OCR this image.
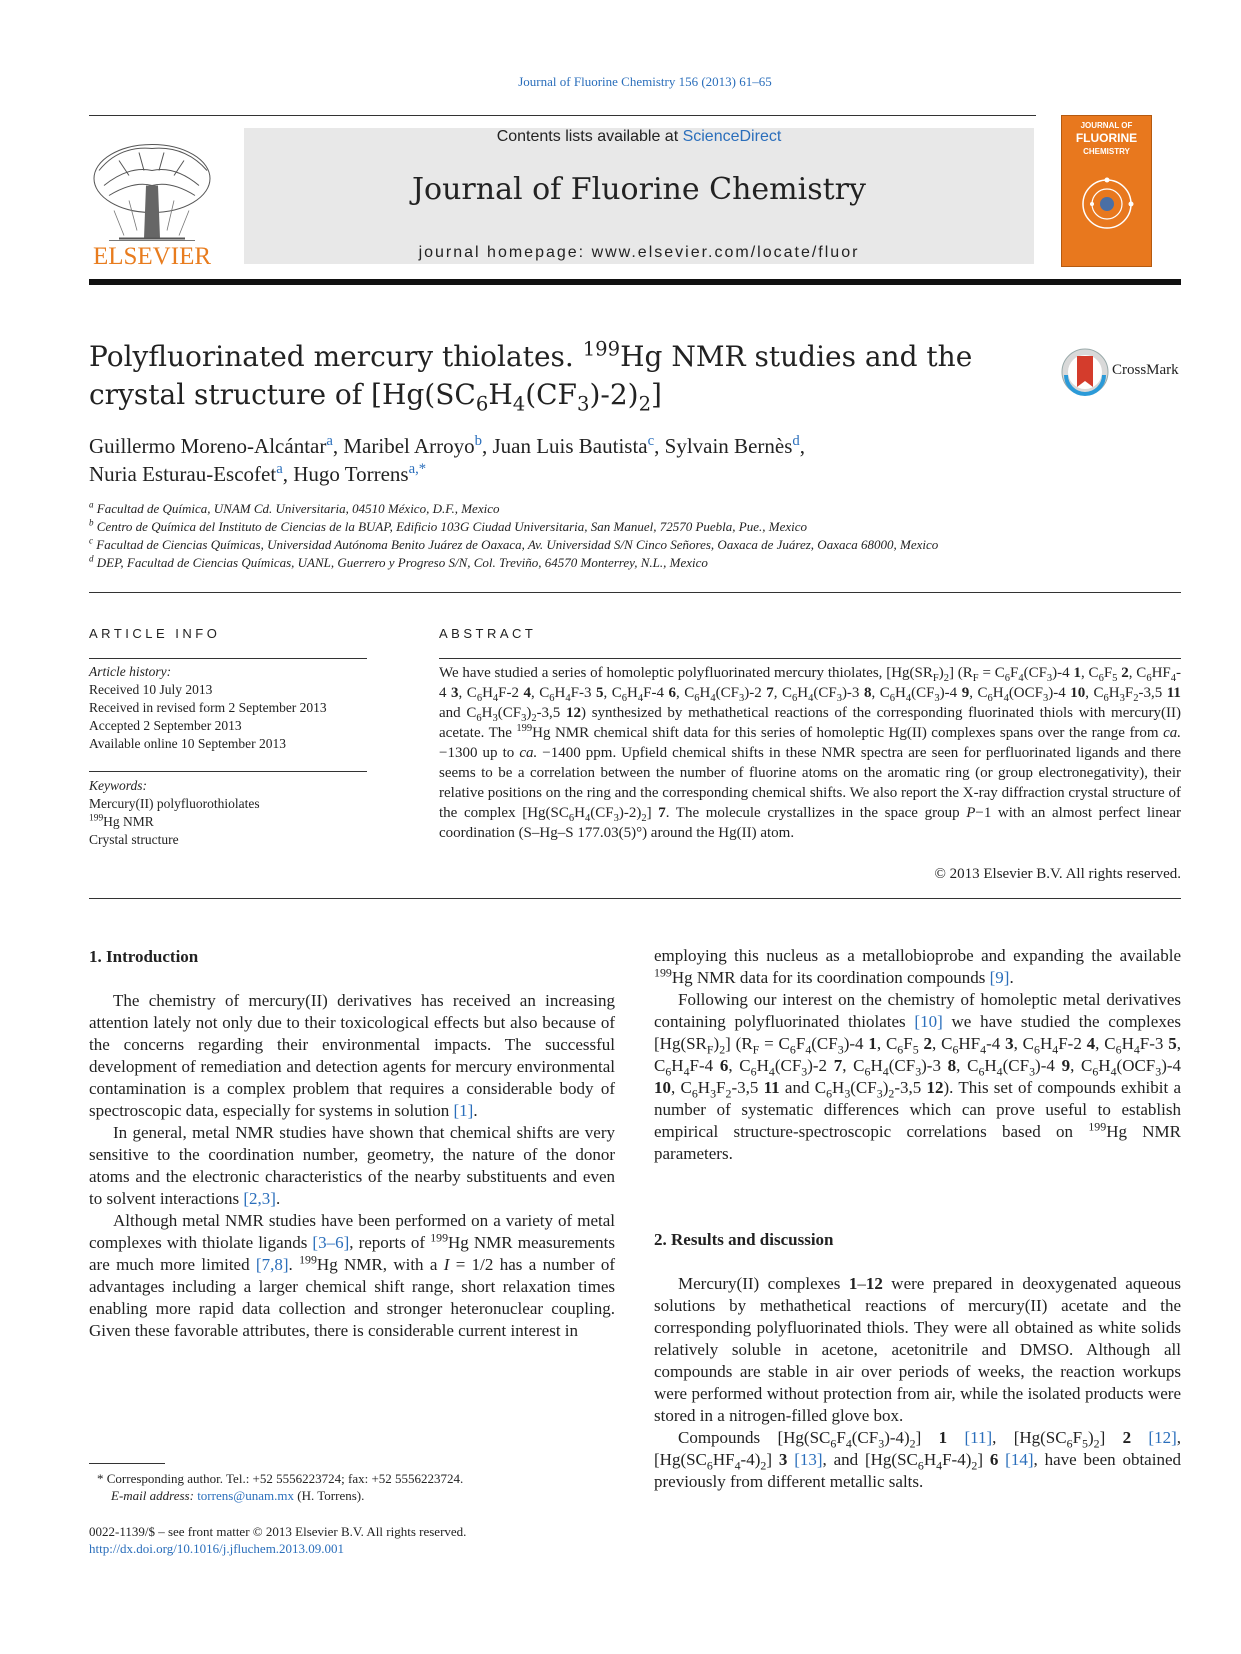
Journal of Fluorine Chemistry 156 (2013) 61–65
ELSEVIER
Contents lists available at ScienceDirect
Journal of Fluorine Chemistry
journal homepage: www.elsevier.com/locate/fluor
JOURNAL OF
FLUORINE
CHEMISTRY
Polyfluorinated mercury thiolates. $^{199}$Hg NMR studies and the crystal structure of $[Hg(SC_6H_4(CF_3)-2)_2]$
CrossMark
Guillermo Moreno-Alcántar$^a$, Maribel Arroyo$^b$, Juan Luis Bautista$^c$, Sylvain Bernès$^d$,
Nuria Esturau-Escofet$^a$, Hugo Torrens$^{a,*}$
$^a$ Facultad de Química, UNAM Cd. Universitaria, 04510 México, D.F., Mexico
$^b$ Centro de Química del Instituto de Ciencias de la BUAP, Edificio 103G Ciudad Universitaria, San Manuel, 72570 Puebla, Pue., Mexico
$^c$ Facultad de Ciencias Químicas, Universidad Autónoma Benito Juárez de Oaxaca, Av. Universidad S/N Cinco Señores, Oaxaca de Juárez, Oaxaca 68000, Mexico
$^d$ DEP, Facultad de Ciencias Químicas, UANL, Guerrero y Progreso S/N, Col. Treviño, 64570 Monterrey, N.L., Mexico
ARTICLE INFO
Article history:
Received 10 July 2013
Received in revised form 2 September 2013
Accepted 2 September 2013
Available online 10 September 2013
Keywords:
Mercury(II) polyfluorothiolates
$^{199}$Hg NMR
Crystal structure
ABSTRACT
We have studied a series of homoleptic polyfluorinated mercury thiolates, $[Hg(SR_F)_2] (R_F = C_6F_4(CF_3)-4$ 1, $C_6F_5$ 2, $C_6HF_4-4$ 3, $C_6H_4F-2$ 4, $C_6H_4F-3$ 5, $C_6H_4F-4$ 6, $C_6H_4(CF_3)-2$ 7, $C_6H_4(CF_3)-3$ 8, $C_6H_4(CF_3)-4$ 9, $C_6H_4(OCF_3)-4$ 10, $C_6H_3F_2-3,5$ 11 and $C_6H_3(CF_3)_2-3,5$ 12) synthesized by methathetical reactions of the corresponding fluorinated thiols with mercury(II) acetate. The $^{199}$Hg NMR chemical shift data for this series of homoleptic Hg(II) complexes spans over the range from ca. −1300 up to ca. −1400 ppm. Upfield chemical shifts in these NMR spectra are seen for perfluorinated ligands and there seems to be a correlation between the number of fluorine atoms on the aromatic ring (or group electronegativity), their relative positions on the ring and the corresponding chemical shifts. We also report the X-ray diffraction crystal structure of the complex $[Hg(SC_6H_4(CF_3)-2)_2]$ 7. The molecule crystallizes in the space group P−1 with an almost perfect linear coordination (S–Hg–S 177.03(5)°) around the Hg(II) atom.
© 2013 Elsevier B.V. All rights reserved.
1. Introduction

The chemistry of mercury(II) derivatives has received an increasing attention lately not only due to their toxicological effects but also because of the concerns regarding their environmental impacts. The successful development of remediation and detection agents for mercury environmental contamination is a complex problem that requires a considerable body of spectroscopic data, especially for systems in solution [1].

In general, metal NMR studies have shown that chemical shifts are very sensitive to the coordination number, geometry, the nature of the donor atoms and the electronic characteristics of the nearby substituents and even to solvent interactions [2,3].

Although metal NMR studies have been performed on a variety of metal complexes with thiolate ligands [3–6], reports of $^{199}$Hg NMR measurements are much more limited [7,8]. $^{199}$Hg NMR, with a I = 1/2 has a number of advantages including a larger chemical shift range, short relaxation times enabling more rapid data collection and stronger heteronuclear coupling. Given these favorable attributes, there is considerable current interest in

* Corresponding author. Tel.: +52 5556223724; fax: +52 5556223724.
E-mail address: torrens@unam.mx (H. Torrens).
0022-1139/$ – see front matter © 2013 Elsevier B.V. All rights reserved.
http://dx.doi.org/10.1016/j.jfluchem.2013.09.001

employing this nucleus as a metallobioprobe and expanding the available $^{199}$Hg NMR data for its coordination compounds [9].

Following our interest on the chemistry of homoleptic metal derivatives containing polyfluorinated thiolates [10] we have studied the complexes $[Hg(SR_F)_2] (R_F = C_6F_4(CF_3)-4$ 1, $C_6F_5$ 2, $C_6HF_4-4$ 3, $C_6H_4F-2$ 4, $C_6H_4F-3$ 5, $C_6H_4F-4$ 6, $C_6H_4(CF_3)-2$ 7, $C_6H_4(CF_3)-3$ 8, $C_6H_4(CF_3)-4$ 9, $C_6H_4(OCF_3)-4$ 10, $C_6H_3F_2-3,5$ 11 and $C_6H_3(CF_3)_2-3,5$ 12). This set of compounds exhibit a number of systematic differences which can prove useful to establish empirical structure-spectroscopic correlations based on $^{199}$Hg NMR parameters.

2. Results and discussion

Mercury(II) complexes 1–12 were prepared in deoxygenated aqueous solutions by methathetical reactions of mercury(II) acetate and the corresponding polyfluorinated thiols. They were all obtained as white solids relatively soluble in acetone, acetonitrile and DMSO. Although all compounds are stable in air over periods of weeks, the reaction workups were performed without protection from air, while the isolated products were stored in a nitrogen-filled glove box.

Compounds $[Hg(SC_6F_4(CF_3)-4)_2]$ 1 [11], $[Hg(SC_6F_5)_2]$ 2 [12], $[Hg(SC_6HF_4-4)_2]$ 3 [13], and $[Hg(SC_6H_4F-4)_2]$ 6 [14], have been obtained previously from different metallic salts.
